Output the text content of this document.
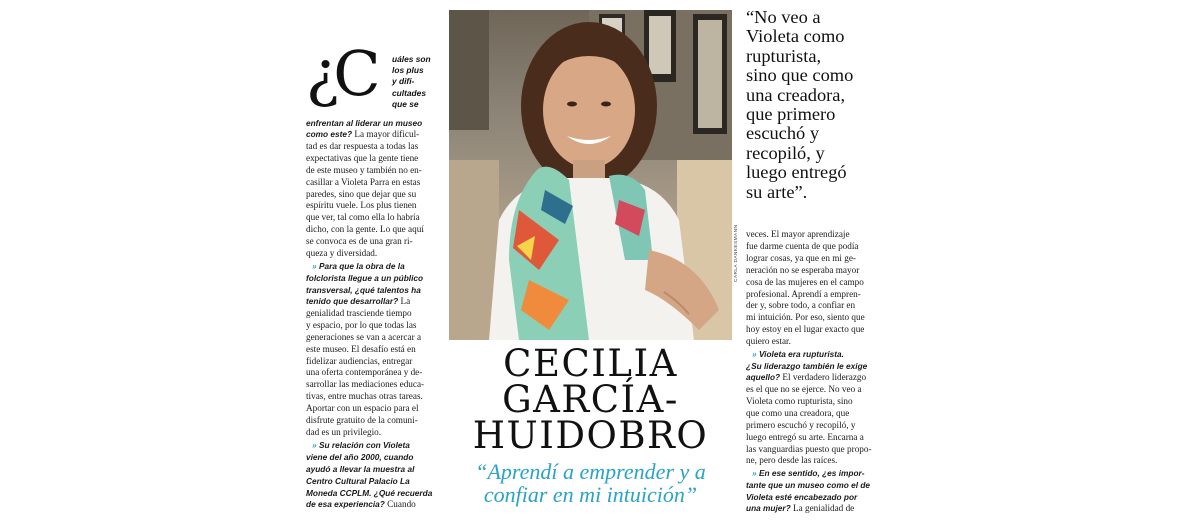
¿C uáles son
los plus
y difi-
cultades
que se

enfrentan al liderar un museo

como este? La mayor dificul-

tad es dar respuesta a todas las

expectativas que la gente tiene

de este museo y también no en-

casillar a Violeta Parra en estas

paredes, sino que dejar que su

espíritu vuele. Los plus tienen

que ver, tal como ella lo habría

dicho, con la gente. Lo que aquí

se convoca es de una gran ri-

queza y diversidad.

» Para que la obra de la

folclorista llegue a un público

transversal, ¿qué talentos ha

tenido que desarrollar? La

genialidad trasciende tiempo

y espacio, por lo que todas las

generaciones se van a acercar a

este museo. El desafío está en

fidelizar audiencias, entregar

una oferta contemporánea y de-

sarrollar las mediaciones educa-

tivas, entre muchas otras tareas.

Aportar con un espacio para el

disfrute gratuito de la comuni-

dad es un privilegio.

» Su relación con Violeta

viene del año 2000, cuando

ayudó a llevar la muestra al

Centro Cultural Palacio La

Moneda CCPLM. ¿Qué recuerda

de esa experiencia? Cuando

CARLA DANKESMANN
CECILIA
GARCÍA-
HUIDOBRO
“Aprendí a emprender y a
confiar en mi intuición”
“No veo a
Violeta como
rupturista,
sino que como
una creadora,
que primero
escuchó y
recopiló, y
luego entregó
su arte”.

veces. El mayor aprendizaje

fue darme cuenta de que podía

lograr cosas, ya que en mi ge-

neración no se esperaba mayor

cosa de las mujeres en el campo

profesional. Aprendí a empren-

der y, sobre todo, a confiar en

mi intuición. Por eso, siento que

hoy estoy en el lugar exacto que

quiero estar.

» Violeta era rupturista.

¿Su liderazgo también le exige

aquello? El verdadero liderazgo

es el que no se ejerce. No veo a

Violeta como rupturista, sino

que como una creadora, que

primero escuchó y recopiló, y

luego entregó su arte. Encarna a

las vanguardias puesto que propo-

ne, pero desde las raíces.

» En ese sentido, ¿es impor-

tante que un museo como el de

Violeta esté encabezado por

una mujer? La genialidad de
